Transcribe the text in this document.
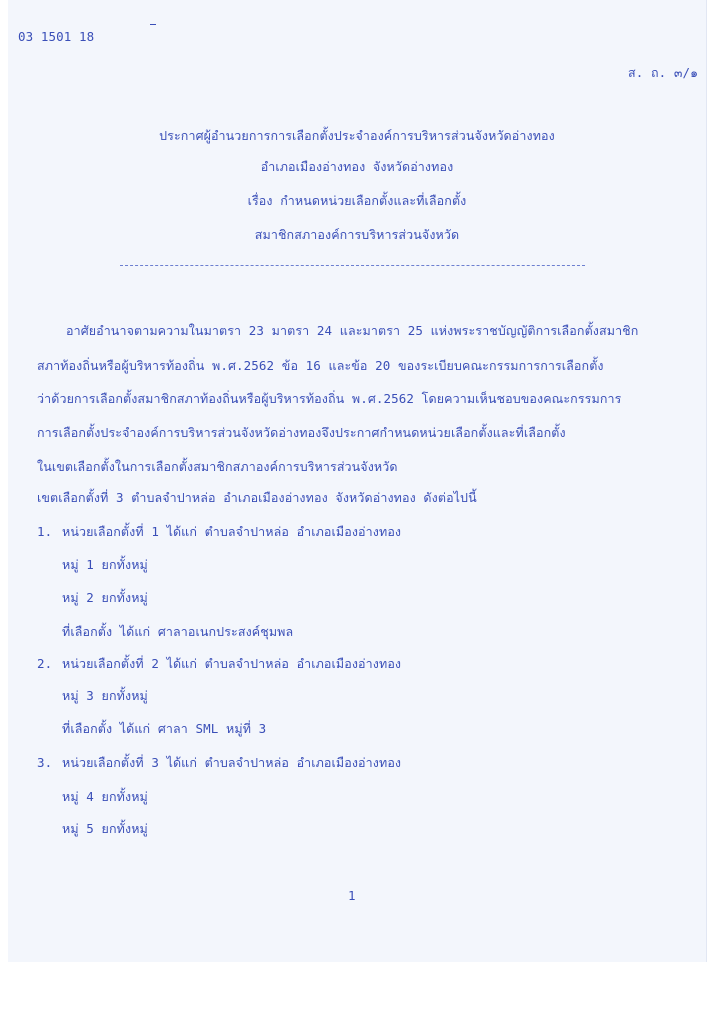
03 1501 18
ส. ถ. ๓/๑
ประกาศผู้อำนวยการการเลือกตั้งประจำองค์การบริหารส่วนจังหวัดอ่างทอง
อำเภอเมืองอ่างทอง จังหวัดอ่างทอง
เรื่อง กำหนดหน่วยเลือกตั้งและที่เลือกตั้ง
สมาชิกสภาองค์การบริหารส่วนจังหวัด
อาศัยอำนาจตามความในมาตรา 23 มาตรา 24 และมาตรา 25 แห่งพระราชบัญญัติการเลือกตั้งสมาชิก
สภาท้องถิ่นหรือผู้บริหารท้องถิ่น พ.ศ.2562 ข้อ 16 และข้อ 20 ของระเบียบคณะกรรมการการเลือกตั้ง
ว่าด้วยการเลือกตั้งสมาชิกสภาท้องถิ่นหรือผู้บริหารท้องถิ่น พ.ศ.2562 โดยความเห็นชอบของคณะกรรมการ
การเลือกตั้งประจำองค์การบริหารส่วนจังหวัดอ่างทองจึงประกาศกำหนดหน่วยเลือกตั้งและที่เลือกตั้ง
ในเขตเลือกตั้งในการเลือกตั้งสมาชิกสภาองค์การบริหารส่วนจังหวัด
เขตเลือกตั้งที่ 3 ตำบลจำปาหล่อ อำเภอเมืองอ่างทอง จังหวัดอ่างทอง ดังต่อไปนี้
1. หน่วยเลือกตั้งที่ 1 ได้แก่ ตำบลจำปาหล่อ อำเภอเมืองอ่างทอง
หมู่ 1 ยกทั้งหมู่
หมู่ 2 ยกทั้งหมู่
ที่เลือกตั้ง ได้แก่ ศาลาอเนกประสงค์ชุมพล
2. หน่วยเลือกตั้งที่ 2 ได้แก่ ตำบลจำปาหล่อ อำเภอเมืองอ่างทอง
หมู่ 3 ยกทั้งหมู่
ที่เลือกตั้ง ได้แก่ ศาลา SML หมู่ที่ 3
3. หน่วยเลือกตั้งที่ 3 ได้แก่ ตำบลจำปาหล่อ อำเภอเมืองอ่างทอง
หมู่ 4 ยกทั้งหมู่
หมู่ 5 ยกทั้งหมู่
1
